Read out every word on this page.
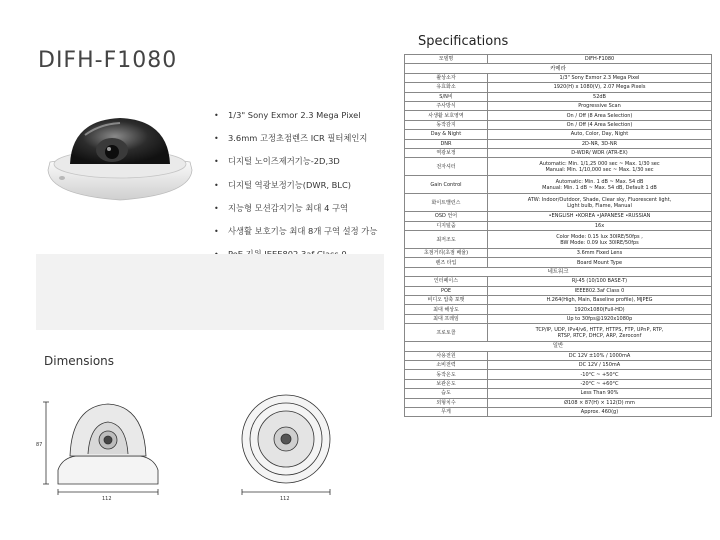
DIFH-F1080
Specifications
• 1/3" Sony Exmor 2.3 Mega Pixel
• 3.6mm 고정초점렌즈 ICR 필터체인지
• 디지털 노이즈제거기능-2D,3D
• 디지털 역광보정기능(DWR, BLC)
• 지능형 모션감지기능 최대 4 구역
• 사생활 보호기능 최대 8개 구역 설정 가능
Dimensions
87
112	112
모델명	DIFH-F1080

카메라	
촬상소자	1/3" Sony Exmor 2.3 Mega Pixel

유효화소	1920(H) x 1080(V), 2.07 Mega Pixels

S/N비	52dB

주사방식	Progressive Scan

사생활 보호영역	On / Off (8 Area Selection)

동작감지	On / Off (4 Area Selection)

Day & Night	Auto, Color, Day, Night

DNR	2D-NR, 3D-NR

역광보정	D-WDR/ WDR (ATR-EX)

전자셔터	Automatic: Min. 1/1,25 000 sec ~ Max. 1/30 sec
Manual: Min. 1/10,000 sec ~ Max. 1/30 sec

Gain Control	Automatic: Min. 1 dB ~ Max. 54 dB
Manual: Min. 1 dB ~ Max. 54 dB, Default 1 dB

화이트밸런스	ATW: Indoor/Outdoor, Shade, Clear sky, Fluorescent light,
Light bulb, Flame, Manual

OSD 언어	•ENGLISH •KOREA •JAPANESE •RUSSIAN

디지털줌	16x

최저조도	Color Mode: 0.15 lux 30IRE/50fps ,
BW Mode: 0.09 lux 30IRE/50fps

초점거리(초점 배율)	3.6mm Fixed Lens

렌즈 타입	Board Mount Type

네트워크	
인터페이스	RJ-45 (10/100 BASE-T)

POE	IEEE802.3af Class 0

비디오 압축 포맷	H.264(High, Main, Baseline profile), MJPEG

최대 해상도	1920x1080(Full-HD)

최대 프레임	Up to 30fps@1920x1080p

프로토콜	TCP/IP, UDP, IPv4/v6, HTTP, HTTPS, FTP, UPnP, RTP,
RTSP, RTCP, DHCP, ARP, Zeroconf

일반	
사용전원	DC 12V ±10% / 1000mA

소비전력	DC 12V / 150mA

동작온도	-10°C ~ +50°C

보관온도	-20°C ~ +60°C

습도	Less Than 90%

외형치수	Ø108 × 87(H) × 112(D) mm

무게	Approx. 460(g)
